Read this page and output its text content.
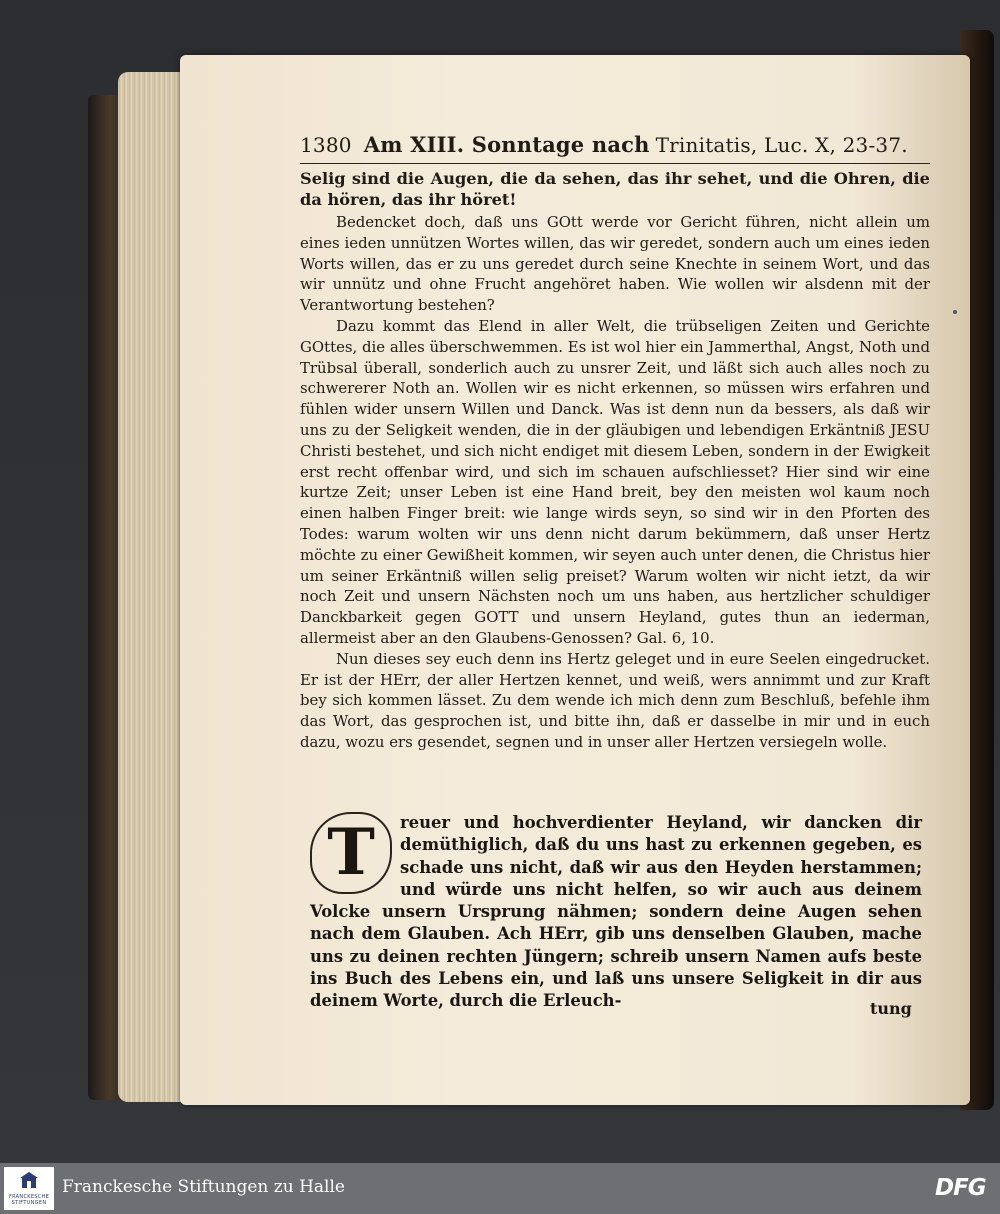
1380 Am XIII. Sonntage nach Trinitatis, Luc. X, 23-37.

Selig sind die Augen, die da sehen, das ihr sehet, und die Ohren, die da hören, das ihr höret!

Bedencket doch, daß uns GOtt werde vor Gericht führen, nicht allein um eines ieden unnützen Wortes willen, das wir geredet, sondern auch um eines ieden Worts willen, das er zu uns geredet durch seine Knechte in seinem Wort, und das wir unnütz und ohne Frucht angehöret haben. Wie wollen wir alsdenn mit der Verantwortung bestehen?

Dazu kommt das Elend in aller Welt, die trübseligen Zeiten und Gerichte GOttes, die alles überschwemmen. Es ist wol hier ein Jammerthal, Angst, Noth und Trübsal überall, sonderlich auch zu unsrer Zeit, und läßt sich auch alles noch zu schwererer Noth an. Wollen wir es nicht erkennen, so müssen wirs erfahren und fühlen wider unsern Willen und Danck. Was ist denn nun da bessers, als daß wir uns zu der Seligkeit wenden, die in der gläubigen und lebendigen Erkäntniß JESU Christi bestehet, und sich nicht endiget mit diesem Leben, sondern in der Ewigkeit erst recht offenbar wird, und sich im schauen aufschliesset? Hier sind wir eine kurtze Zeit; unser Leben ist eine Hand breit, bey den meisten wol kaum noch einen halben Finger breit: wie lange wirds seyn, so sind wir in den Pforten des Todes: warum wolten wir uns denn nicht darum bekümmern, daß unser Hertz möchte zu einer Gewißheit kommen, wir seyen auch unter denen, die Christus hier um seiner Erkäntniß willen selig preiset? Warum wolten wir nicht ietzt, da wir noch Zeit und unsern Nächsten noch um uns haben, aus hertzlicher schuldiger Danckbarkeit gegen GOTT und unsern Heyland, gutes thun an iederman, allermeist aber an den Glaubens-Genossen? Gal. 6, 10.

Nun dieses sey euch denn ins Hertz geleget und in eure Seelen eingedrucket. Er ist der HErr, der aller Hertzen kennet, und weiß, wers annimmt und zur Kraft bey sich kommen lässet. Zu dem wende ich mich denn zum Beschluß, befehle ihm das Wort, das gesprochen ist, und bitte ihn, daß er dasselbe in mir und in euch dazu, wozu ers gesendet, segnen und in unser aller Hertzen versiegeln wolle.

T	reuer und hochverdienter Heyland, wir dancken dir demüthiglich, daß du uns hast zu erkennen gegeben, es schade uns nicht, daß wir aus den Heyden herstammen; und würde uns nicht helfen, so wir auch aus deinem Volcke unsern Ursprung nähmen; sondern deine Augen sehen nach dem Glauben. Ach HErr, gib uns denselben Glauben, mache uns zu deinen rechten Jüngern; schreib unsern Namen aufs beste ins Buch des Lebens ein, und laß uns unsere Seligkeit in dir aus deinem Worte, durch die Erleuch-	tung
FRANCKESCHE STIFTUNGEN
Franckesche Stiftungen zu Halle	DFG
